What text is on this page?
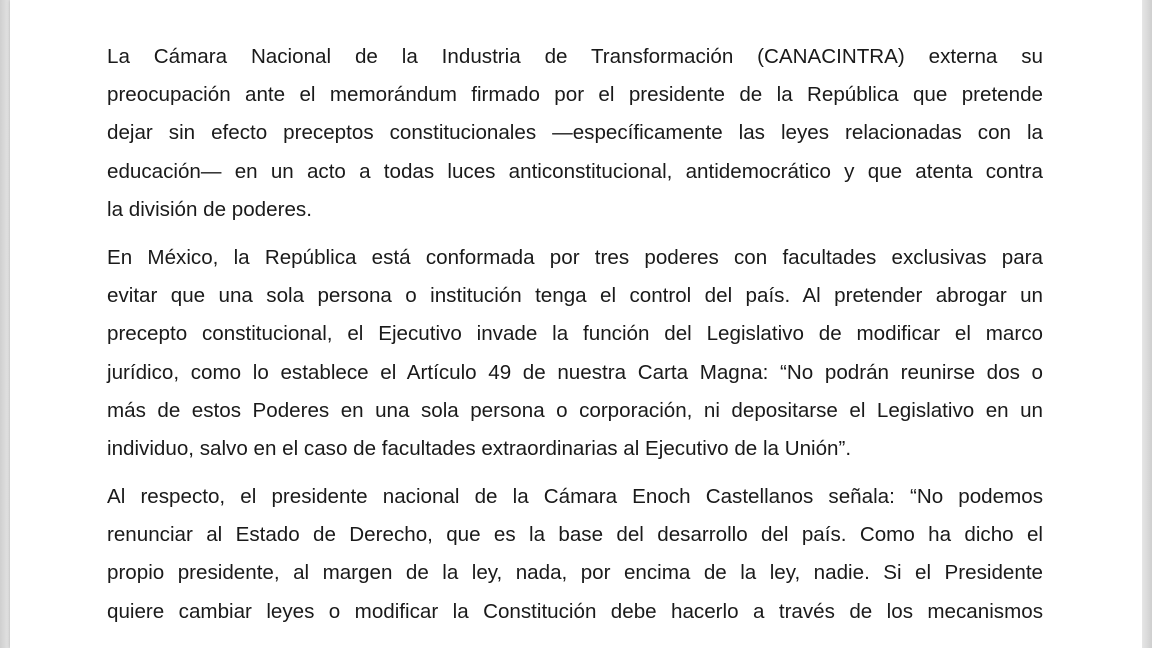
La Cámara Nacional de la Industria de Transformación (CANACINTRA) externa su
preocupación ante el memorándum firmado por el presidente de la República que pretende
dejar sin efecto preceptos constitucionales —específicamente las leyes relacionadas con la
educación— en un acto a todas luces anticonstitucional, antidemocrático y que atenta contra
la división de poderes.

En México, la República está conformada por tres poderes con facultades exclusivas para
evitar que una sola persona o institución tenga el control del país. Al pretender abrogar un
precepto constitucional, el Ejecutivo invade la función del Legislativo de modificar el marco
jurídico, como lo establece el Artículo 49 de nuestra Carta Magna: “No podrán reunirse dos o
más de estos Poderes en una sola persona o corporación, ni depositarse el Legislativo en un
individuo, salvo en el caso de facultades extraordinarias al Ejecutivo de la Unión”.

Al respecto, el presidente nacional de la Cámara Enoch Castellanos señala: “No podemos
renunciar al Estado de Derecho, que es la base del desarrollo del país. Como ha dicho el
propio presidente, al margen de la ley, nada, por encima de la ley, nadie. Si el Presidente
quiere cambiar leyes o modificar la Constitución debe hacerlo a través de los mecanismos
